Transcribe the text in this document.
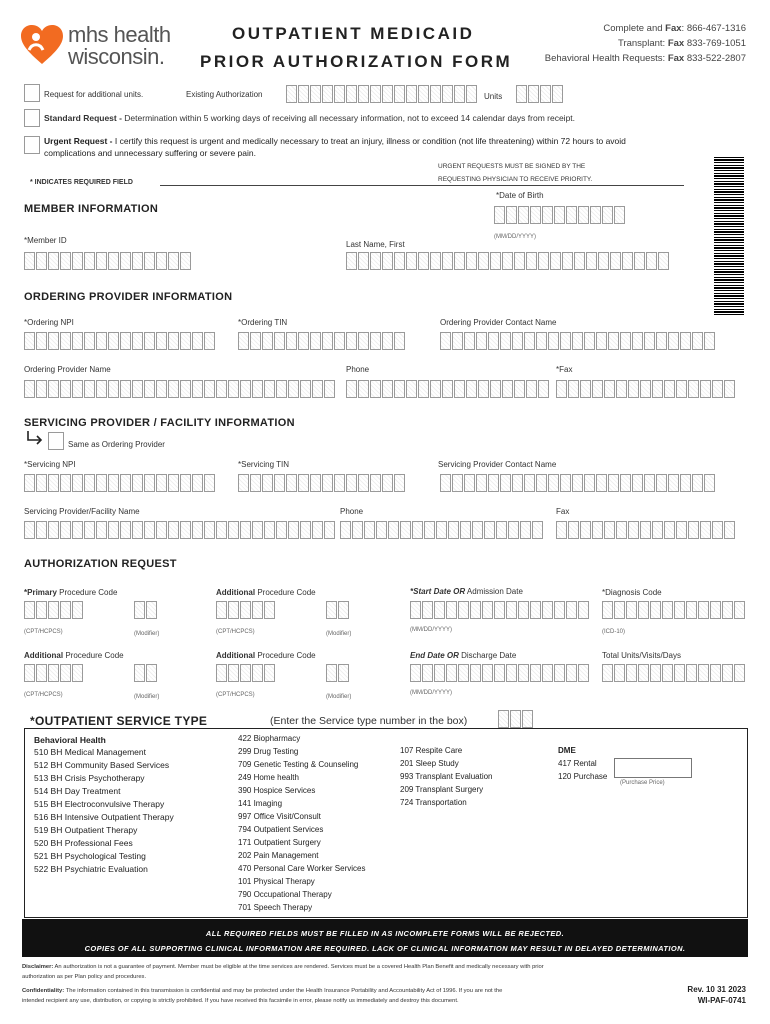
mhs health
wisconsin.
OUTPATIENT MEDICAID
PRIOR AUTHORIZATION FORM
Complete and Fax: 866-467-1316
Transplant: Fax 833-769-1051
Behavioral Health Requests: Fax 833-522-2807
Request for additional units.	Existing Authorization	Units
Standard Request - Determination within 5 working days of receiving all necessary information, not to exceed 14 calendar days from receipt.
Urgent Request - I certify this request is urgent and medically necessary to treat an injury, illness or condition (not life threatening) within 72 hours to avoid
complications and unnecessary suffering or severe pain.
URGENT REQUESTS MUST BE SIGNED BY THE
REQUESTING PHYSICIAN TO RECEIVE PRIORITY.
* INDICATES REQUIRED FIELD
MEMBER INFORMATION
*Date of Birth
(MM/DD/YYYY)
*Member ID	Last Name, First
ORDERING PROVIDER INFORMATION
*Ordering NPI	*Ordering TIN	Ordering Provider Contact Name
Ordering Provider Name	Phone	*Fax
SERVICING PROVIDER / FACILITY INFORMATION
Same as Ordering Provider
*Servicing NPI	*Servicing TIN	Servicing Provider Contact Name
Servicing Provider/Facility Name	Phone	Fax
AUTHORIZATION REQUEST
*Primary Procedure Code	Additional Procedure Code	*Start Date OR Admission Date	*Diagnosis Code
(CPT/HCPCS)	(Modifier)	(CPT/HCPCS)	(Modifier)
(MM/DD/YYYY)	(ICD-10)
Additional Procedure Code	Additional Procedure Code	End Date OR Discharge Date	Total Units/Visits/Days
(CPT/HCPCS)	(Modifier)	(CPT/HCPCS)	(Modifier)
(MM/DD/YYYY)
*OUTPATIENT SERVICE TYPE	(Enter the Service type number in the box)
Behavioral Health
510 BH Medical Management
512 BH Community Based Services
513 BH Crisis Psychotherapy
514 BH Day Treatment
515 BH Electroconvulsive Therapy
516 BH Intensive Outpatient Therapy
519 BH Outpatient Therapy
520 BH Professional Fees
521 BH Psychological Testing
522 BH Psychiatric Evaluation
422 Biopharmacy
299 Drug Testing
709 Genetic Testing & Counseling
249 Home health
390 Hospice Services
141 Imaging
997 Office Visit/Consult
794 Outpatient Services
171 Outpatient Surgery
202 Pain Management
470 Personal Care Worker Services
101 Physical Therapy
790 Occupational Therapy
701 Speech Therapy
107 Respite Care
201 Sleep Study
993 Transplant Evaluation
209 Transplant Surgery
724 Transportation
DME
417 Rental
120 Purchase
(Purchase Price)
ALL REQUIRED FIELDS MUST BE FILLED IN AS INCOMPLETE FORMS WILL BE REJECTED.
COPIES OF ALL SUPPORTING CLINICAL INFORMATION ARE REQUIRED. LACK OF CLINICAL INFORMATION MAY RESULT IN DELAYED DETERMINATION.
Disclaimer: An authorization is not a guarantee of payment. Member must be eligible at the time services are rendered. Services must be a covered Health Plan Benefit and medically necessary with prior
authorization as per Plan policy and procedures.
Confidentiality: The information contained in this transmission is confidential and may be protected under the Health Insurance Portability and Accountability Act of 1996. If you are not the
intended recipient any use, distribution, or copying is strictly prohibited. If you have received this facsimile in error, please notify us immediately and destroy this document.
Rev. 10 31 2023
WI-PAF-0741
